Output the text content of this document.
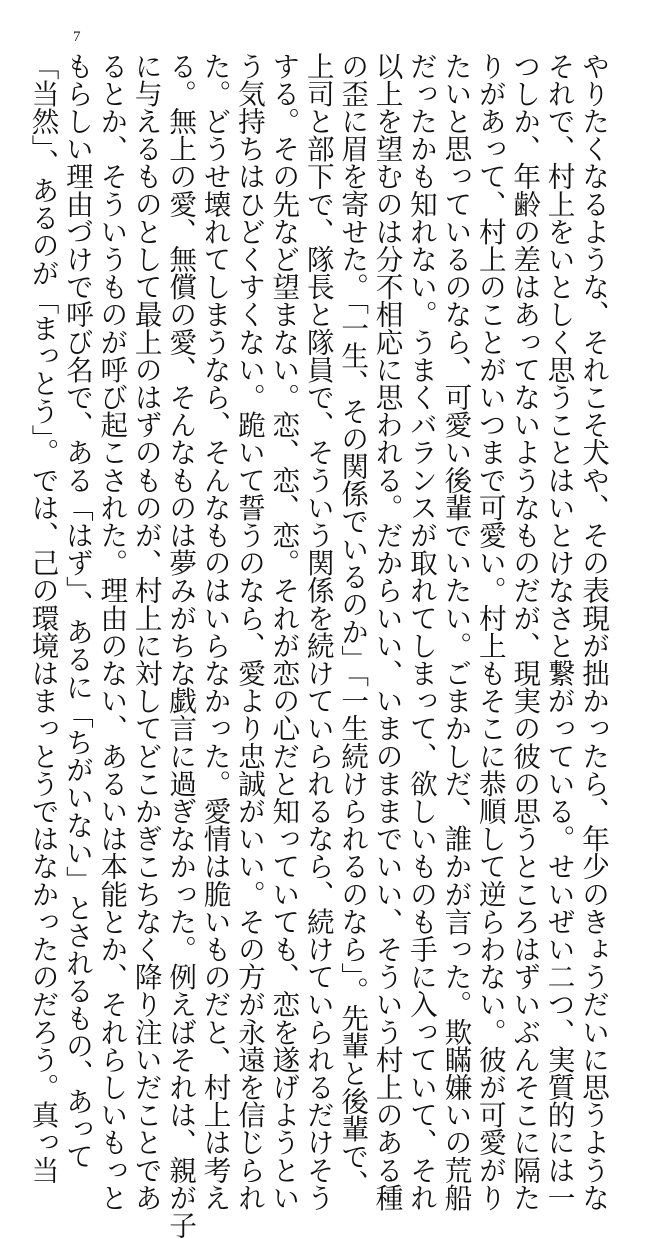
7
やりたくなるような、それこそ犬や、その表現が拙かったら、年少のきょうだいに思うような
それで、村上をいとしく思うことはいとけなさと繋がっている。せいぜい二つ、実質的には一
つしか、年齢の差はあってないようなものだが、現実の彼の思うところはずいぶんそこに隔た
りがあって、村上のことがいつまで可愛い。村上もそこに恭順して逆らわない。彼が可愛がり
たいと思っているのなら、可愛い後輩でいたい。ごまかしだ、誰かが言った。欺瞞嫌いの荒船
だったかも知れない。うまくバランスが取れてしまって、欲しいものも手に入っていて、それ
以上を望むのは分不相応に思われる。だからいい、いまのままでいい、そういう村上のある種
の歪に眉を寄せた。「一生、その関係でいるのか」「一生続けられるのなら」。先輩と後輩で、
上司と部下で、隊長と隊員で、そういう関係を続けていられるなら、続けていられるだけそう
する。その先など望まない。恋、恋、恋。それが恋の心だと知っていても、恋を遂げようとい
う気持ちはひどくすくない。跪いて誓うのなら、愛より忠誠がいい。その方が永遠を信じられ
た。どうせ壊れてしまうなら、そんなものはいらなかった。愛情は脆いものだと、村上は考え
る。無上の愛、無償の愛、そんなものは夢みがちな戯言に過ぎなかった。例えばそれは、親が子
に与えるものとして最上のはずのものが、村上に対してどこかぎこちなく降り注いだことであ
るとか、そういうものが呼び起こされた。理由のない、あるいは本能とか、それらしいもっと
もらしい理由づけで呼び名で、ある「はず」、あるに「ちがいない」とされるもの、あって
「当然」、あるのが「まっとう」。では、己の環境はまっとうではなかったのだろう。真っ当
